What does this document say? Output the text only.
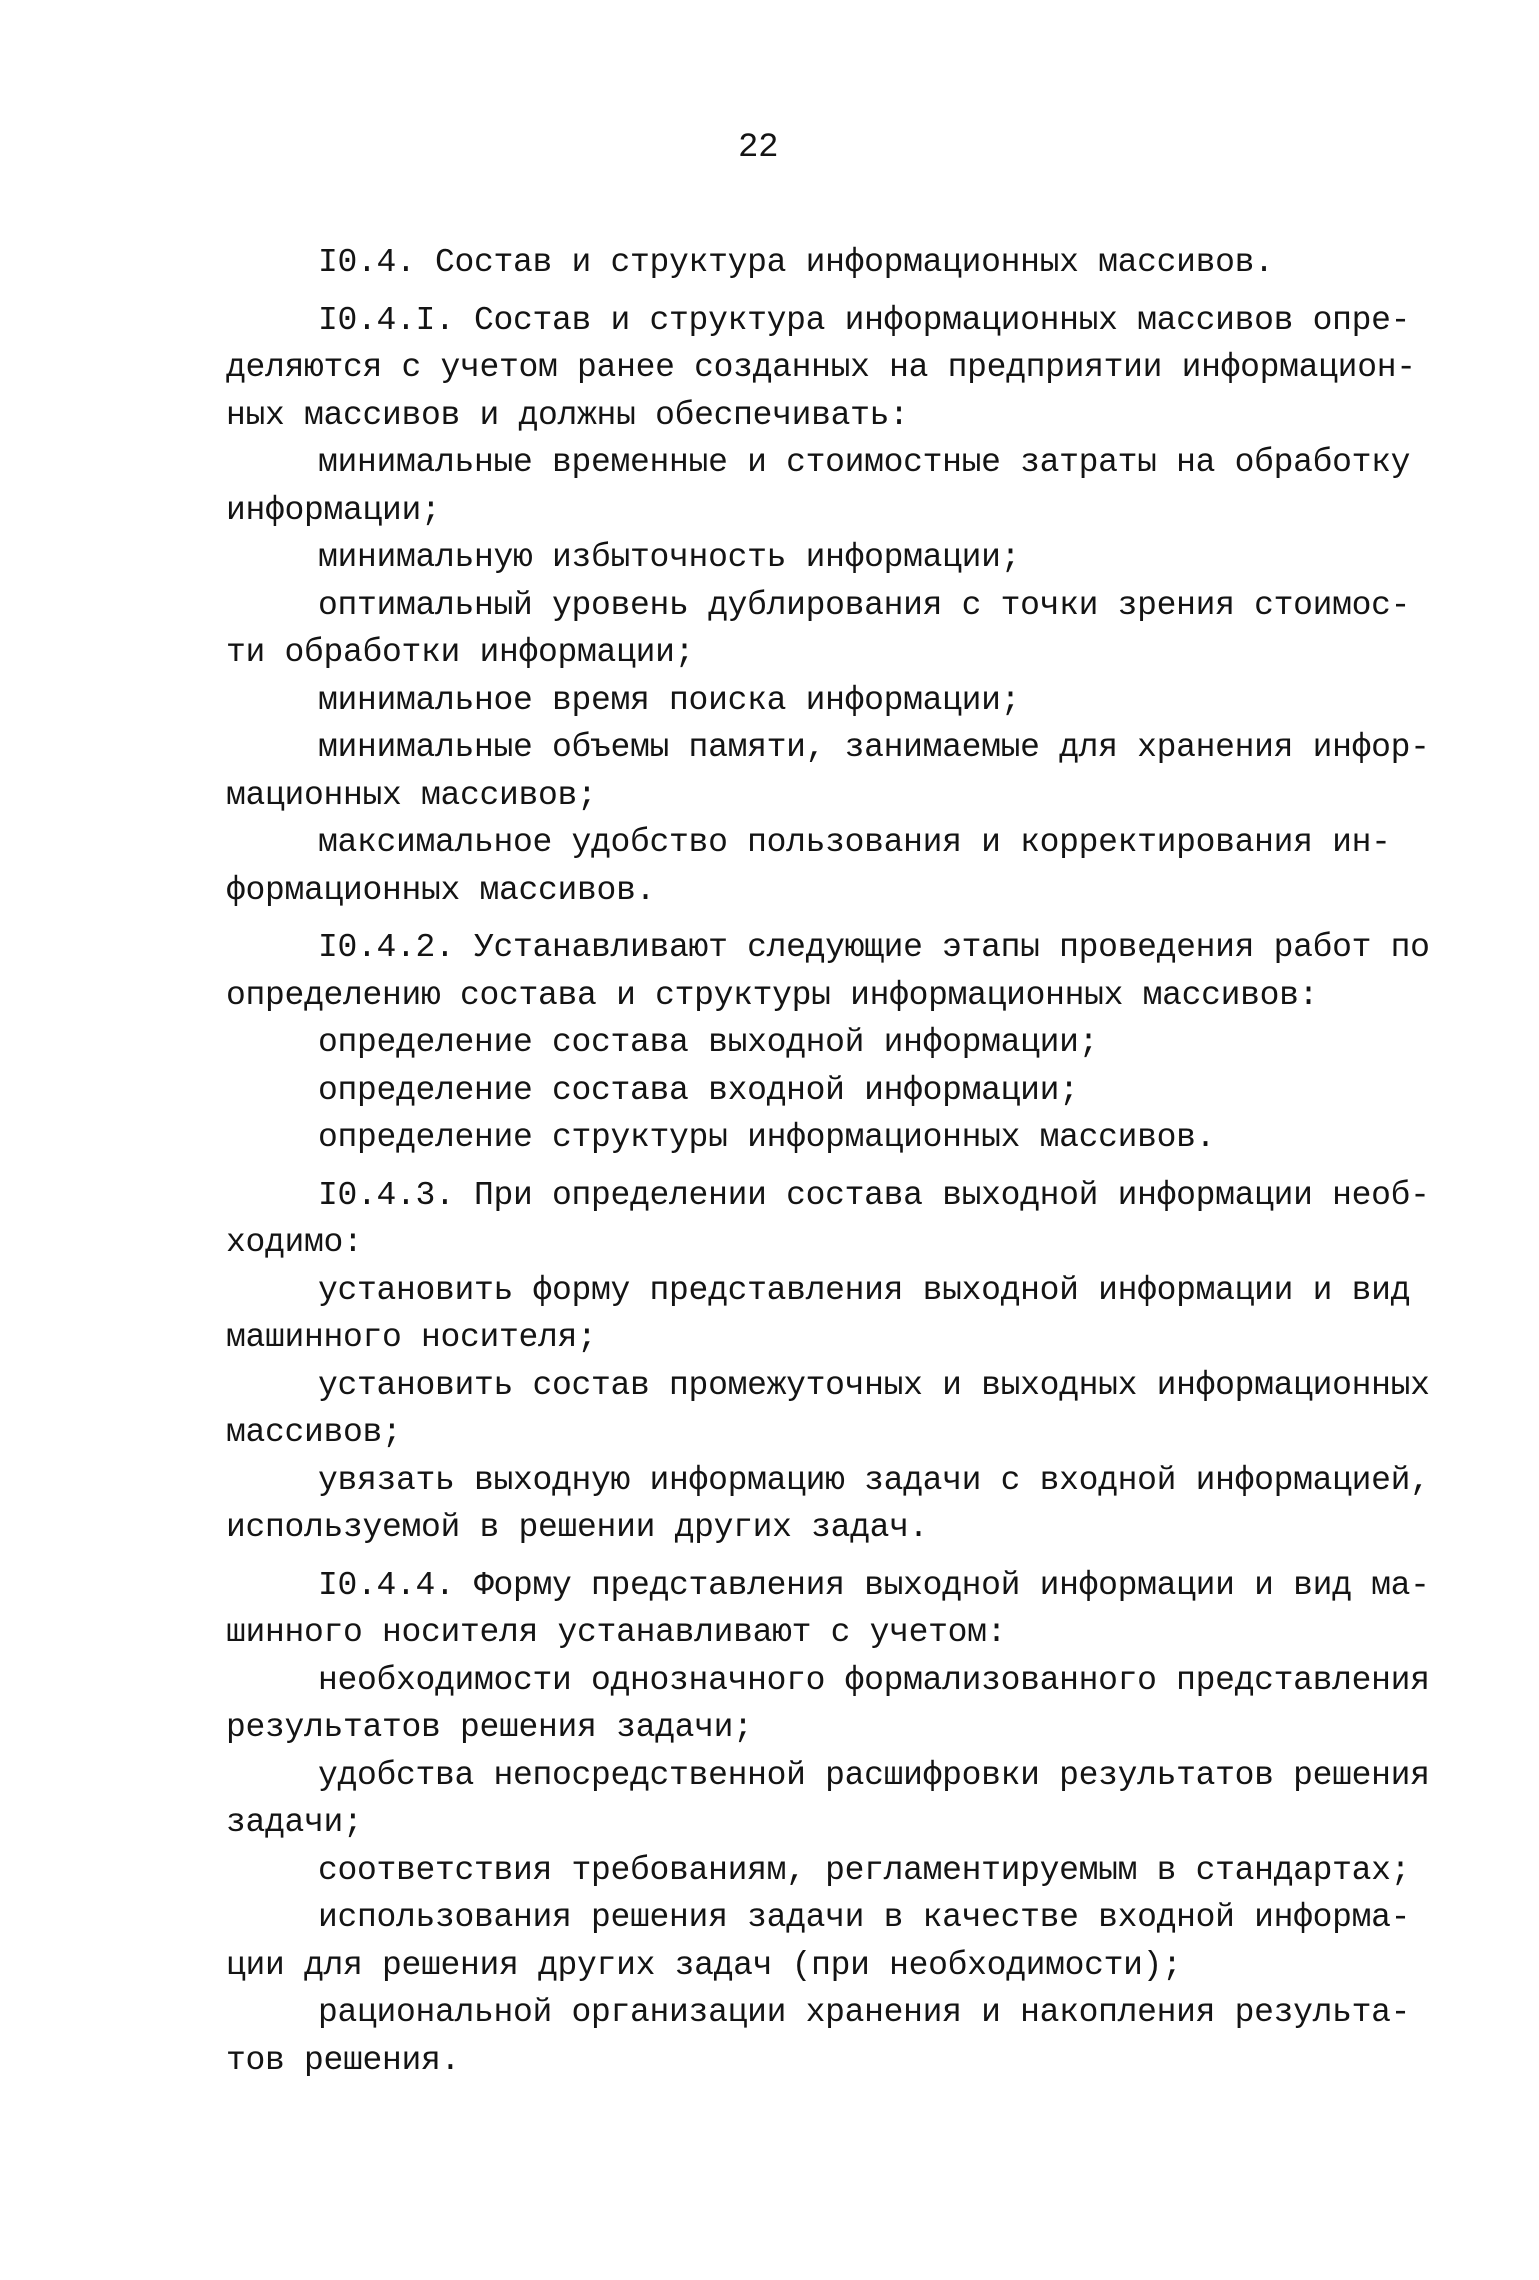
22
I0.4. Состав и структура информационных массивов.
I0.4.I. Состав и структура информационных массивов опре-
деляются с учетом ранее созданных на предприятии информацион-
ных массивов и должны обеспечивать:
минимальные временные и стоимостные затраты на обработку
информации;
минимальную избыточность информации;
оптимальный уровень дублирования с точки зрения стоимос-
ти обработки информации;
минимальное время поиска информации;
минимальные объемы памяти, занимаемые для хранения инфор-
мационных массивов;
максимальное удобство пользования и корректирования ин-
формационных массивов.
I0.4.2. Устанавливают следующие этапы проведения работ по
определению состава и структуры информационных массивов:
определение состава выходной информации;
определение состава входной информации;
определение структуры информационных массивов.
I0.4.3. При определении состава выходной информации необ-
ходимо:
установить форму представления выходной информации и вид
машинного носителя;
установить состав промежуточных и выходных информационных
массивов;
увязать выходную информацию задачи с входной информацией,
используемой в решении других задач.
I0.4.4. Форму представления выходной информации и вид ма-
шинного носителя устанавливают с учетом:
необходимости однозначного формализованного представления
результатов решения задачи;
удобства непосредственной расшифровки результатов решения
задачи;
соответствия требованиям, регламентируемым в стандартах;
использования решения задачи в качестве входной информа-
ции для решения других задач (при необходимости);
рациональной организации хранения и накопления результа-
тов решения.
